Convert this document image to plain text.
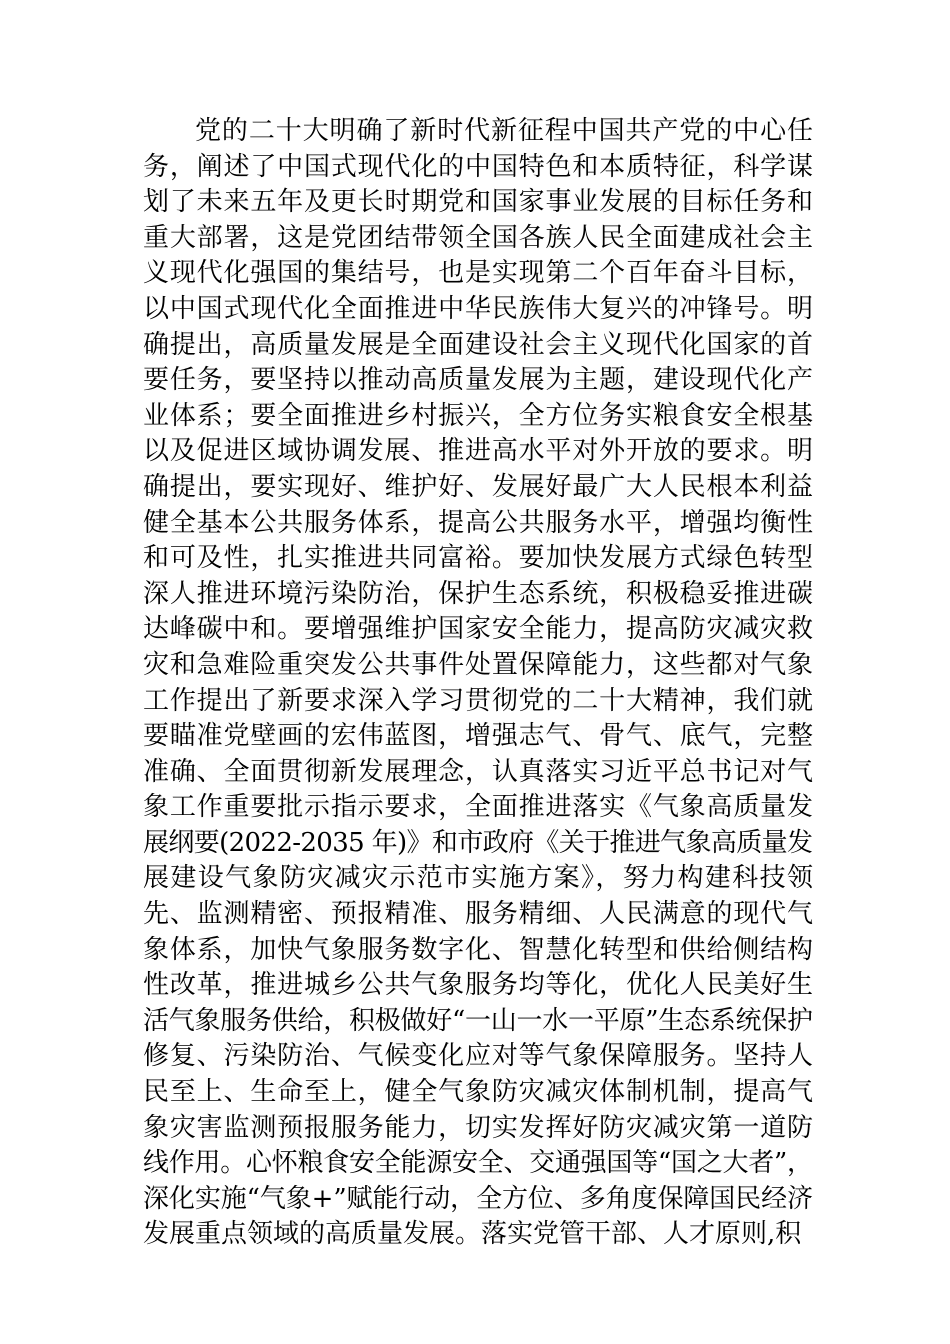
党的二十大明确了新时代新征程中国共产党的中心任
务，阐述了中国式现代化的中国特色和本质特征，科学谋
划了未来五年及更长时期党和国家事业发展的目标任务和
重大部署，这是党团结带领全国各族人民全面建成社会主
义现代化强国的集结号，也是实现第二个百年奋斗目标，
以中国式现代化全面推进中华民族伟大复兴的冲锋号。明
确提出，高质量发展是全面建设社会主义现代化国家的首
要任务，要坚持以推动高质量发展为主题，建设现代化产
业体系；要全面推进乡村振兴，全方位务实粮食安全根基
以及促进区域协调发展、推进高水平对外开放的要求。明
确提出，要实现好、维护好、发展好最广大人民根本利益
健全基本公共服务体系，提高公共服务水平，增强均衡性
和可及性，扎实推进共同富裕。要加快发展方式绿色转型
深人推进环境污染防治，保护生态系统，积极稳妥推进碳
达峰碳中和。要增强维护国家安全能力，提高防灾减灾救
灾和急难险重突发公共事件处置保障能力，这些都对气象
工作提出了新要求深入学习贯彻党的二十大精神，我们就
要瞄准党壁画的宏伟蓝图，增强志气、骨气、底气，完整
准确、全面贯彻新发展理念，认真落实习近平总书记对气
象工作重要批示指示要求，全面推进落实《气象高质量发
展纲要(2022-2035 年)》和市政府《关于推进气象高质量发
展建设气象防灾减灾示范市实施方案》，努力构建科技领
先、监测精密、预报精准、服务精细、人民满意的现代气
象体系，加快气象服务数字化、智慧化转型和供给侧结构
性改革，推进城乡公共气象服务均等化，优化人民美好生
活气象服务供给，积极做好“一山一水一平原”生态系统保护
修复、污染防治、气候变化应对等气象保障服务。坚持人
民至上、生命至上，健全气象防灾减灾体制机制，提高气
象灾害监测预报服务能力，切实发挥好防灾减灾第一道防
线作用。心怀粮食安全能源安全、交通强国等“国之大者”，
深化实施“气象+”赋能行动，全方位、多角度保障国民经济
发展重点领域的高质量发展。落实党管干部、人才原则,积
